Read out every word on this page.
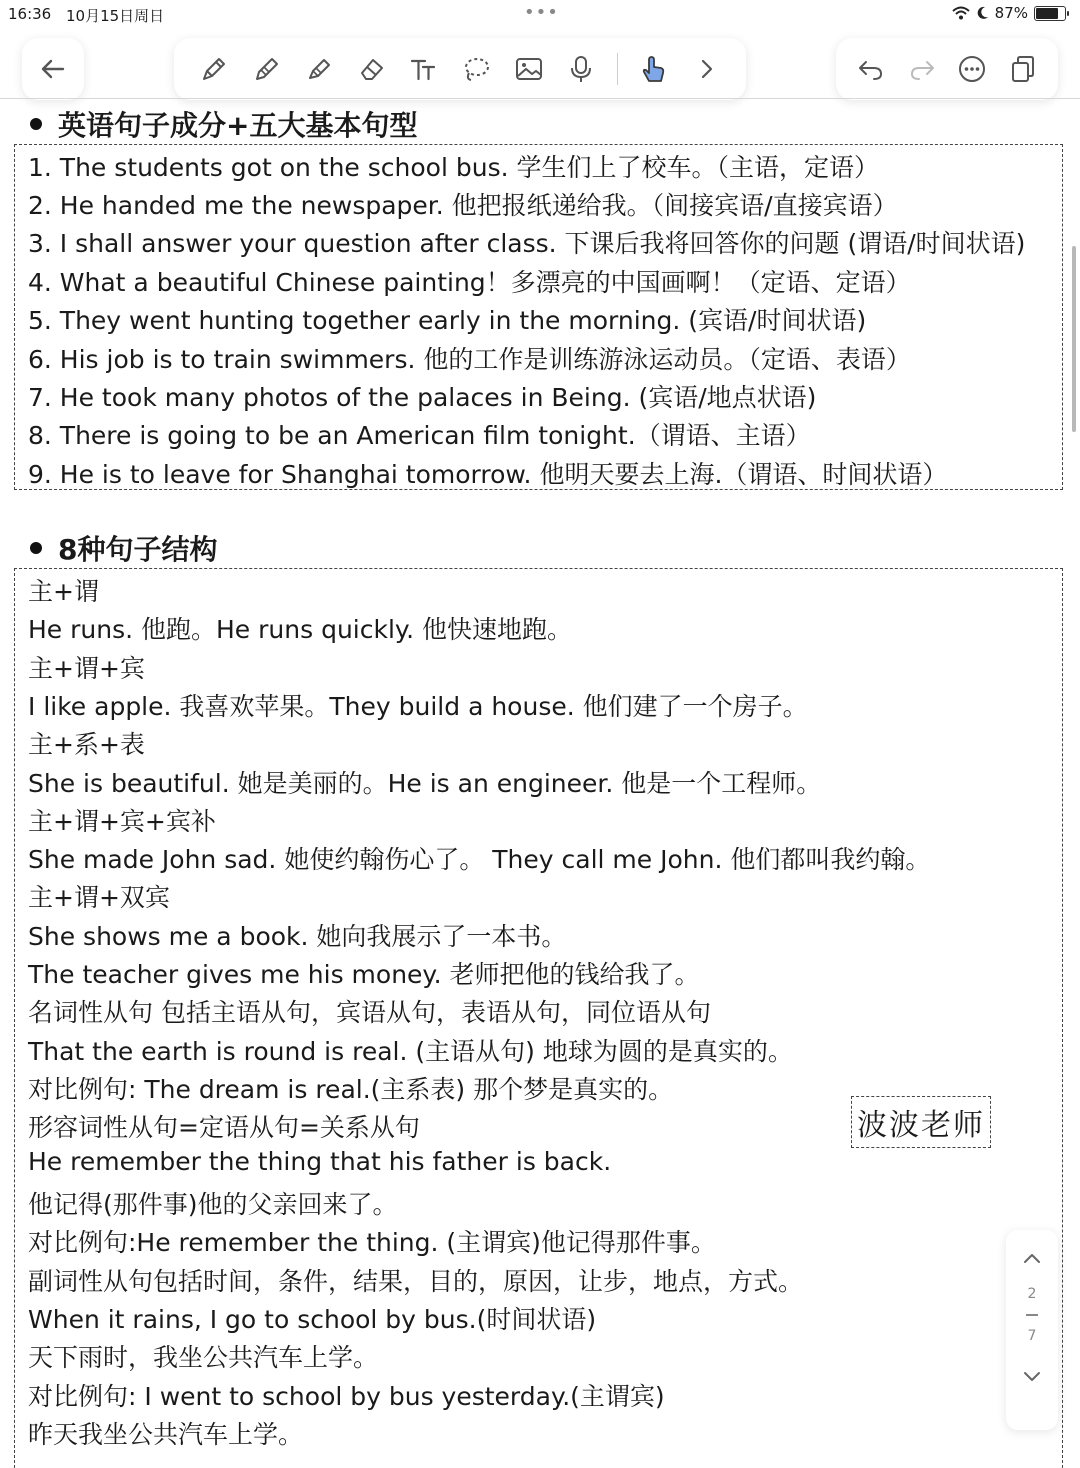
16:36 10月15日周日	•••	87%
英语句子成分+五大基本句型
1. The students got on the school bus. 学生们上了校车。（主语，定语）
2. He handed me the newspaper. 他把报纸递给我。（间接宾语/直接宾语）
3. I shall answer your question after class. 下课后我将回答你的问题 (谓语/时间状语)
4. What a beautiful Chinese painting！多漂亮的中国画啊！（定语、定语）
5. They went hunting together early in the morning. (宾语/时间状语)
6. His job is to train swimmers. 他的工作是训练游泳运动员。（定语、表语）
7. He took many photos of the palaces in Being. (宾语/地点状语)
8. There is going to be an American film tonight.（谓语、主语）
9. He is to leave for Shanghai tomorrow. 他明天要去上海.（谓语、时间状语）
8种句子结构
主+谓
He runs. 他跑。He runs quickly. 他快速地跑。
主+谓+宾
I like apple. 我喜欢苹果。They build a house. 他们建了一个房子。
主+系+表
She is beautiful. 她是美丽的。He is an engineer. 他是一个工程师。
主+谓+宾+宾补
She made John sad. 她使约翰伤心了。 They call me John. 他们都叫我约翰。
主+谓+双宾
She shows me a book. 她向我展示了一本书。
The teacher gives me his money. 老师把他的钱给我了。
名词性从句 包括主语从句，宾语从句，表语从句，同位语从句
That the earth is round is real. (主语从句) 地球为圆的是真实的。
对比例句: The dream is real.(主系表) 那个梦是真实的。
形容词性从句=定语从句=关系从句
He remember the thing that his father is back.
他记得(那件事)他的父亲回来了。
对比例句:He remember the thing. (主谓宾)他记得那件事。
副词性从句包括时间，条件，结果，目的，原因，让步，地点，方式。
When it rains, I go to school by bus.(时间状语)
天下雨时，我坐公共汽车上学。
对比例句: I went to school by bus yesterday.(主谓宾)
昨天我坐公共汽车上学。
波波老师
2
7
